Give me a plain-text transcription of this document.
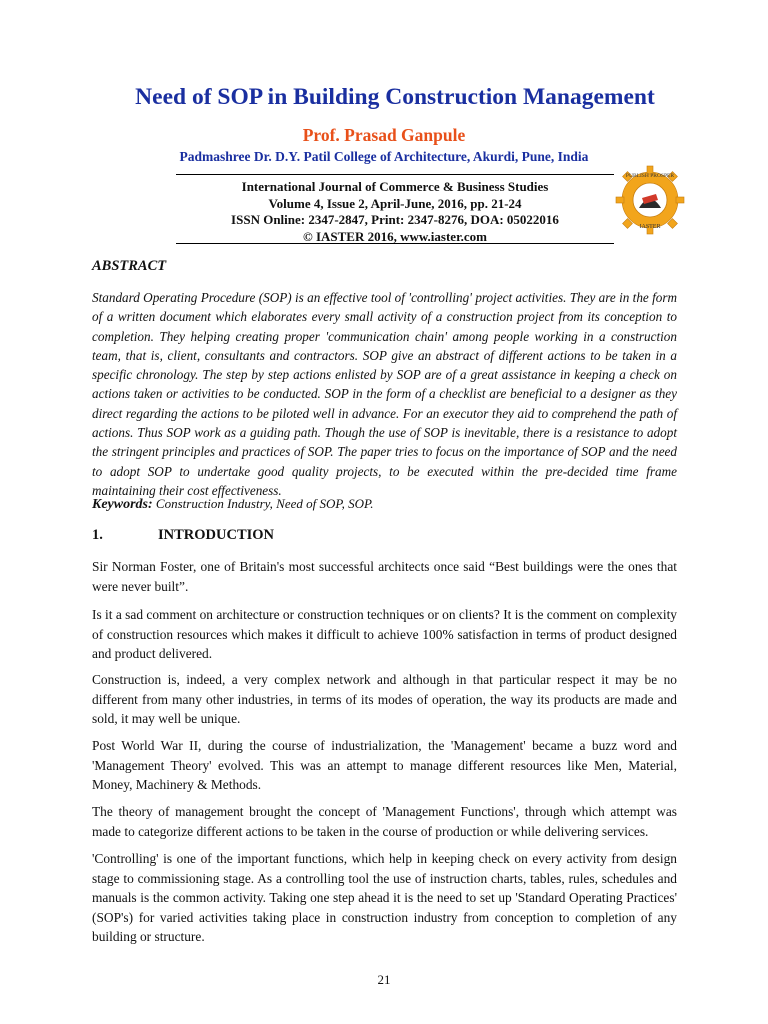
Need of SOP in Building Construction Management
Prof. Prasad Ganpule
Padmashree Dr. D.Y. Patil College of Architecture, Akurdi, Pune, India
International Journal of Commerce & Business Studies
Volume 4, Issue 2, April-June, 2016, pp. 21-24
ISSN Online: 2347-2847, Print: 2347-8276, DOA: 05022016
© IASTER 2016, www.iaster.com
PUBLISH PROSPER
IASTER
ABSTRACT
Standard Operating Procedure (SOP) is an effective tool of 'controlling' project activities. They are in the form of a written document which elaborates every small activity of a construction project from its conception to completion. They helping creating proper 'communication chain' among people working in a construction team, that is, client, consultants and contractors. SOP give an abstract of different actions to be taken in a specific chronology. The step by step actions enlisted by SOP are of a great assistance in keeping a check on actions taken or activities to be conducted. SOP in the form of a checklist are beneficial to a designer as they direct regarding the actions to be piloted well in advance. For an executor they aid to comprehend the path of actions. Thus SOP work as a guiding path. Though the use of SOP is inevitable, there is a resistance to adopt the stringent principles and practices of SOP. The paper tries to focus on the importance of SOP and the need to adopt SOP to undertake good quality projects, to be executed within the pre-decided time frame maintaining their cost effectiveness.
Keywords: Construction Industry, Need of SOP, SOP.
1.	INTRODUCTION
Sir Norman Foster, one of Britain's most successful architects once said “Best buildings were the ones that were never built”.
Is it a sad comment on architecture or construction techniques or on clients? It is the comment on complexity of construction resources which makes it difficult to achieve 100% satisfaction in terms of product designed and product delivered.
Construction is, indeed, a very complex network and although in that particular respect it may be no different from many other industries, in terms of its modes of operation, the way its products are made and sold, it may well be unique.
Post World War II, during the course of industrialization, the 'Management' became a buzz word and 'Management Theory' evolved. This was an attempt to manage different resources like Men, Material, Money, Machinery & Methods.
The theory of management brought the concept of 'Management Functions', through which attempt was made to categorize different actions to be taken in the course of production or while delivering services.
'Controlling' is one of the important functions, which help in keeping check on every activity from design stage to commissioning stage. As a controlling tool the use of instruction charts, tables, rules, schedules and manuals is the common activity. Taking one step ahead it is the need to set up 'Standard Operating Practices' (SOP's) for varied activities taking place in construction industry from conception to completion of any building or structure.
21
